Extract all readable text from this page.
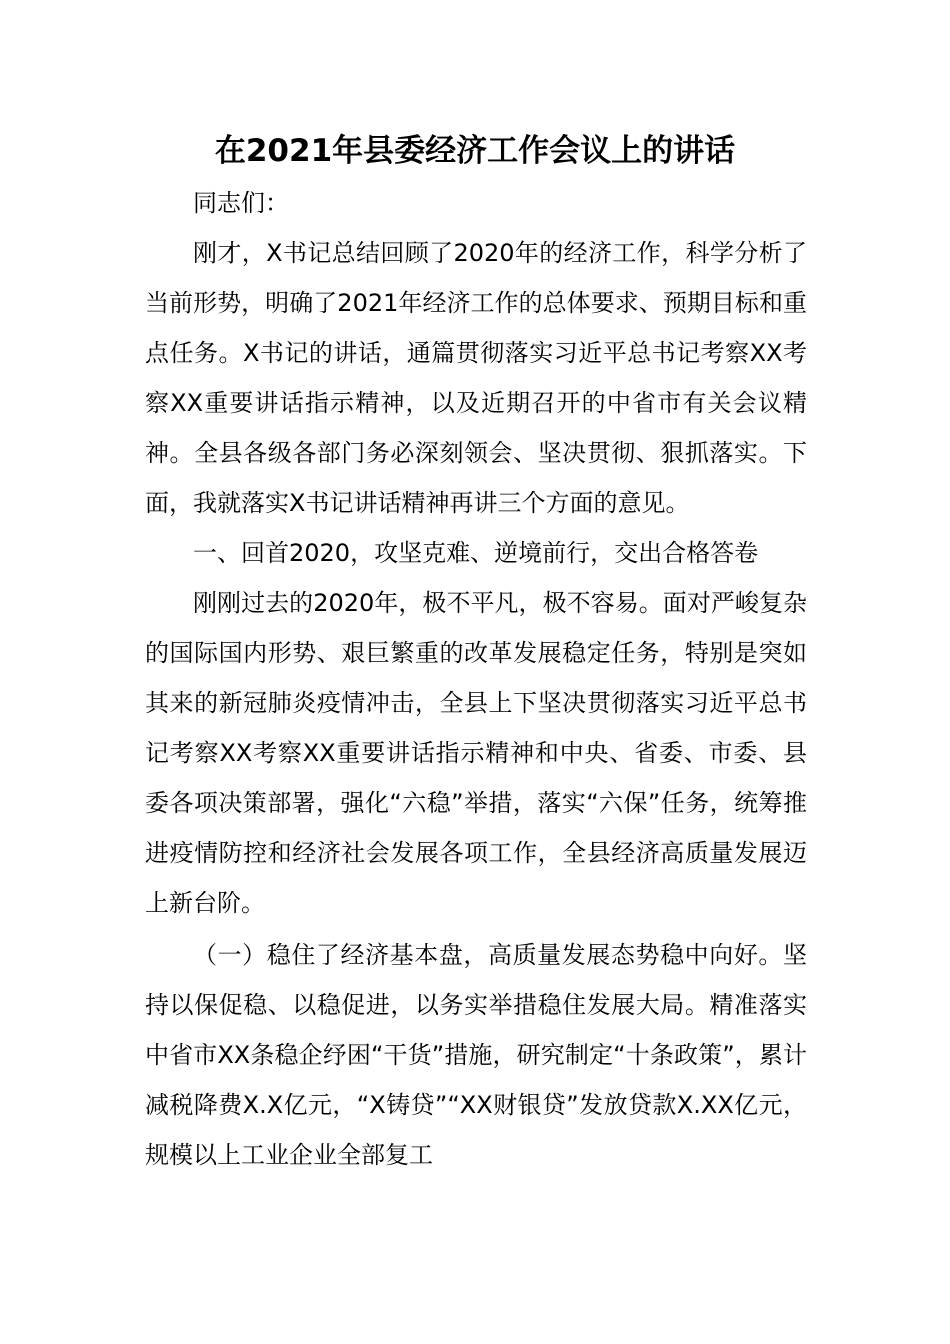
在2021年县委经济工作会议上的讲话

同志们：

刚才，X书记总结回顾了2020年的经济工作，科学分析了当前形势，明确了2021年经济工作的总体要求、预期目标和重点任务。X书记的讲话，通篇贯彻落实习近平总书记考察XX考察XX重要讲话指示精神，以及近期召开的中省市有关会议精神。全县各级各部门务必深刻领会、坚决贯彻、狠抓落实。下面，我就落实X书记讲话精神再讲三个方面的意见。

一、回首2020，攻坚克难、逆境前行，交出合格答卷

刚刚过去的2020年，极不平凡，极不容易。面对严峻复杂的国际国内形势、艰巨繁重的改革发展稳定任务，特别是突如其来的新冠肺炎疫情冲击，全县上下坚决贯彻落实习近平总书记考察XX考察XX重要讲话指示精神和中央、省委、市委、县委各项决策部署，强化“六稳”举措，落实“六保”任务，统筹推进疫情防控和经济社会发展各项工作，全县经济高质量发展迈上新台阶。

（一）稳住了经济基本盘，高质量发展态势稳中向好。坚持以保促稳、以稳促进，以务实举措稳住发展大局。精准落实中省市XX条稳企纾困“干货”措施，研究制定“十条政策”，累计减税降费X.X亿元，“X铸贷”“XX财银贷”发放贷款X.XX亿元，规模以上工业企业全部复工
